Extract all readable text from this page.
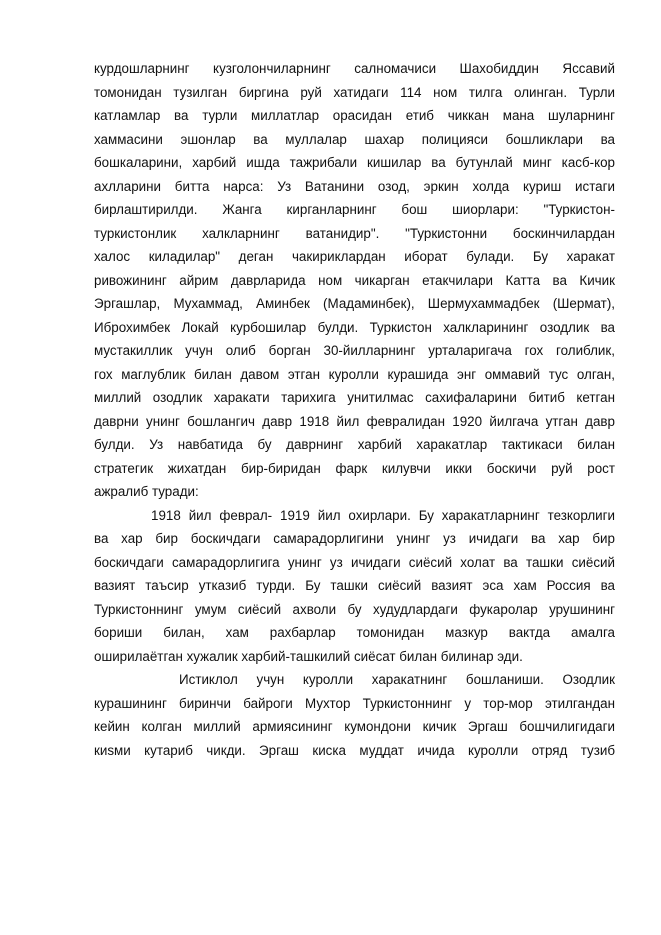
курдошларнинг кузголончиларнинг салномачиси Шахобиддин Яссавий
томонидан тузилган биргина руй хатидаги 114 ном тилга олинган. Турли
катламлар ва турли миллатлар орасидан етиб чиккан мана шуларнинг
хаммасини эшонлар ва муллалар шахар полицияси бошликлари ва
бошкаларини, харбий ишда тажрибали кишилар ва бутунлай минг касб-кор
ахлларини битта нарса: Уз Ватанини озод, эркин холда куриш истаги
бирлаштирилди. Жанга кирганларнинг бош шиорлари: "Туркистон-
туркистонлик халкларнинг ватанидир". "Туркистонни боскинчилардан
халос киладилар" деган чакириклардан иборат булади. Бу харакат
ривожининг айрим даврларида ном чикарган етакчилари Катта ва Кичик
Эргашлар, Мухаммад, Аминбек (Мадаминбек), Шермухаммадбек (Шермат),
Иброхимбек Локай курбошилар булди. Туркистон халкларининг озодлик ва
мустакиллик учун олиб борган 30-йилларнинг урталаригача гох голиблик,
гох маглублик билан давом этган куролли курашида энг оммавий тус олган,
миллий озодлик харакати тарихига унитилмас сахифаларини битиб кетган
даврни унинг бошлангич давр 1918 йил февралидан 1920 йилгача утган давр
булди. Уз навбатида бу даврнинг харбий харакатлар тактикаси билан
стратегик жихатдан бир-биридан фарк килувчи икки боскичи руй рост
ажралиб туради:
1918 йил феврал- 1919 йил охирлари. Бу харакатларнинг тезкорлиги
ва хар бир боскичдаги самарадорлигини унинг уз ичидаги ва хар бир
боскичдаги самарадорлигига унинг уз ичидаги сиёсий холат ва ташки сиёсий
вазият таъсир утказиб турди. Бу ташки сиёсий вазият эса хам Россия ва
Туркистоннинг умум сиёсий ахволи бу худудлардаги фукаролар урушининг
бориши билан, хам рахбарлар томонидан мазкур вактда амалга
оширилаётган хужалик харбий-ташкилий сиёсат билан билинар эди.
Истиклол учун куролли харакатнинг бошланиши. Озодлик
курашининг биринчи байроги Мухтор Туркистоннинг у тор-мор этилгандан
кейин колган миллий армиясининг кумондони кичик Эргаш бошчилигидаги
киsми кутариб чикди. Эргаш киска муддат ичида куролли отряд тузиб
